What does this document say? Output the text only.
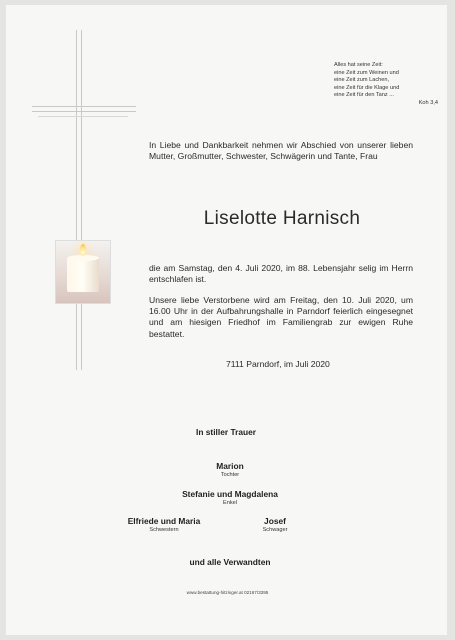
Alles hat seine Zeit:
eine Zeit zum Weinen und
eine Zeit zum Lachen,
eine Zeit für die Klage und
eine Zeit für den Tanz ...
Koh 3,4

In Liebe und Dankbarkeit nehmen wir Abschied von unserer lieben Mutter, Großmutter, Schwester, Schwägerin und Tante, Frau

Liselotte Harnisch

die am Samstag, den 4. Juli 2020, im 88. Lebensjahr selig im Herrn entschlafen ist.

Unsere liebe Verstorbene wird am Freitag, den 10. Juli 2020, um 16.00 Uhr in der Aufbahrungshalle in Parndorf feierlich eingesegnet und am hiesigen Friedhof im Familiengrab zur ewigen Ruhe bestattet.

7111 Parndorf, im Juli 2020
In stiller Trauer
Marion
Tochter
Stefanie und Magdalena
Enkel
Elfriede und Maria
Schwestern
Josef
Schwager
und alle Verwandten
www.bestattung-hitzinger.at 02167/3395
